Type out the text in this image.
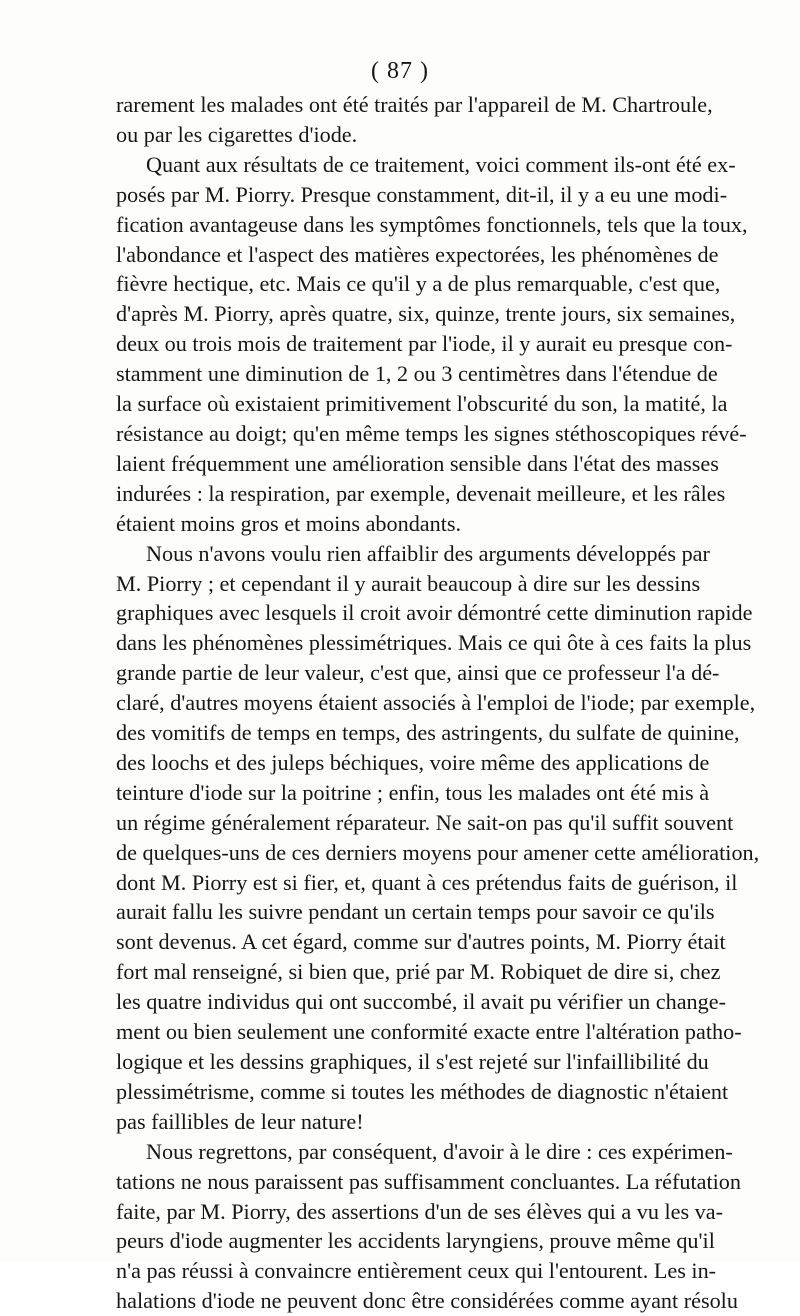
( 87 )

rarement les malades ont été traités par l'appareil de M. Chartroule,
ou par les cigarettes d'iode.

Quant aux résultats de ce traitement, voici comment ils-ont été ex-
posés par M. Piorry. Presque constamment, dit-il, il y a eu une modi-
fication avantageuse dans les symptômes fonctionnels, tels que la toux,
l'abondance et l'aspect des matières expectorées, les phénomènes de
fièvre hectique, etc. Mais ce qu'il y a de plus remarquable, c'est que,
d'après M. Piorry, après quatre, six, quinze, trente jours, six semaines,
deux ou trois mois de traitement par l'iode, il y aurait eu presque con-
stamment une diminution de 1, 2 ou 3 centimètres dans l'étendue de
la surface où existaient primitivement l'obscurité du son, la matité, la
résistance au doigt; qu'en même temps les signes stéthoscopiques révé-
laient fréquemment une amélioration sensible dans l'état des masses
indurées : la respiration, par exemple, devenait meilleure, et les râles
étaient moins gros et moins abondants.

Nous n'avons voulu rien affaiblir des arguments développés par
M. Piorry ; et cependant il y aurait beaucoup à dire sur les dessins
graphiques avec lesquels il croit avoir démontré cette diminution rapide
dans les phénomènes plessimétriques. Mais ce qui ôte à ces faits la plus
grande partie de leur valeur, c'est que, ainsi que ce professeur l'a dé-
claré, d'autres moyens étaient associés à l'emploi de l'iode; par exemple,
des vomitifs de temps en temps, des astringents, du sulfate de quinine,
des loochs et des juleps béchiques, voire même des applications de
teinture d'iode sur la poitrine ; enfin, tous les malades ont été mis à
un régime généralement réparateur. Ne sait-on pas qu'il suffit souvent
de quelques-uns de ces derniers moyens pour amener cette amélioration,
dont M. Piorry est si fier, et, quant à ces prétendus faits de guérison, il
aurait fallu les suivre pendant un certain temps pour savoir ce qu'ils
sont devenus. A cet égard, comme sur d'autres points, M. Piorry était
fort mal renseigné, si bien que, prié par M. Robiquet de dire si, chez
les quatre individus qui ont succombé, il avait pu vérifier un change-
ment ou bien seulement une conformité exacte entre l'altération patho-
logique et les dessins graphiques, il s'est rejeté sur l'infaillibilité du
plessimétrisme, comme si toutes les méthodes de diagnostic n'étaient
pas faillibles de leur nature!

Nous regrettons, par conséquent, d'avoir à le dire : ces expérimen-
tations ne nous paraissent pas suffisamment concluantes. La réfutation
faite, par M. Piorry, des assertions d'un de ses élèves qui a vu les va-
peurs d'iode augmenter les accidents laryngiens, prouve même qu'il
n'a pas réussi à convaincre entièrement ceux qui l'entourent. Les in-
halations d'iode ne peuvent donc être considérées comme ayant résolu
